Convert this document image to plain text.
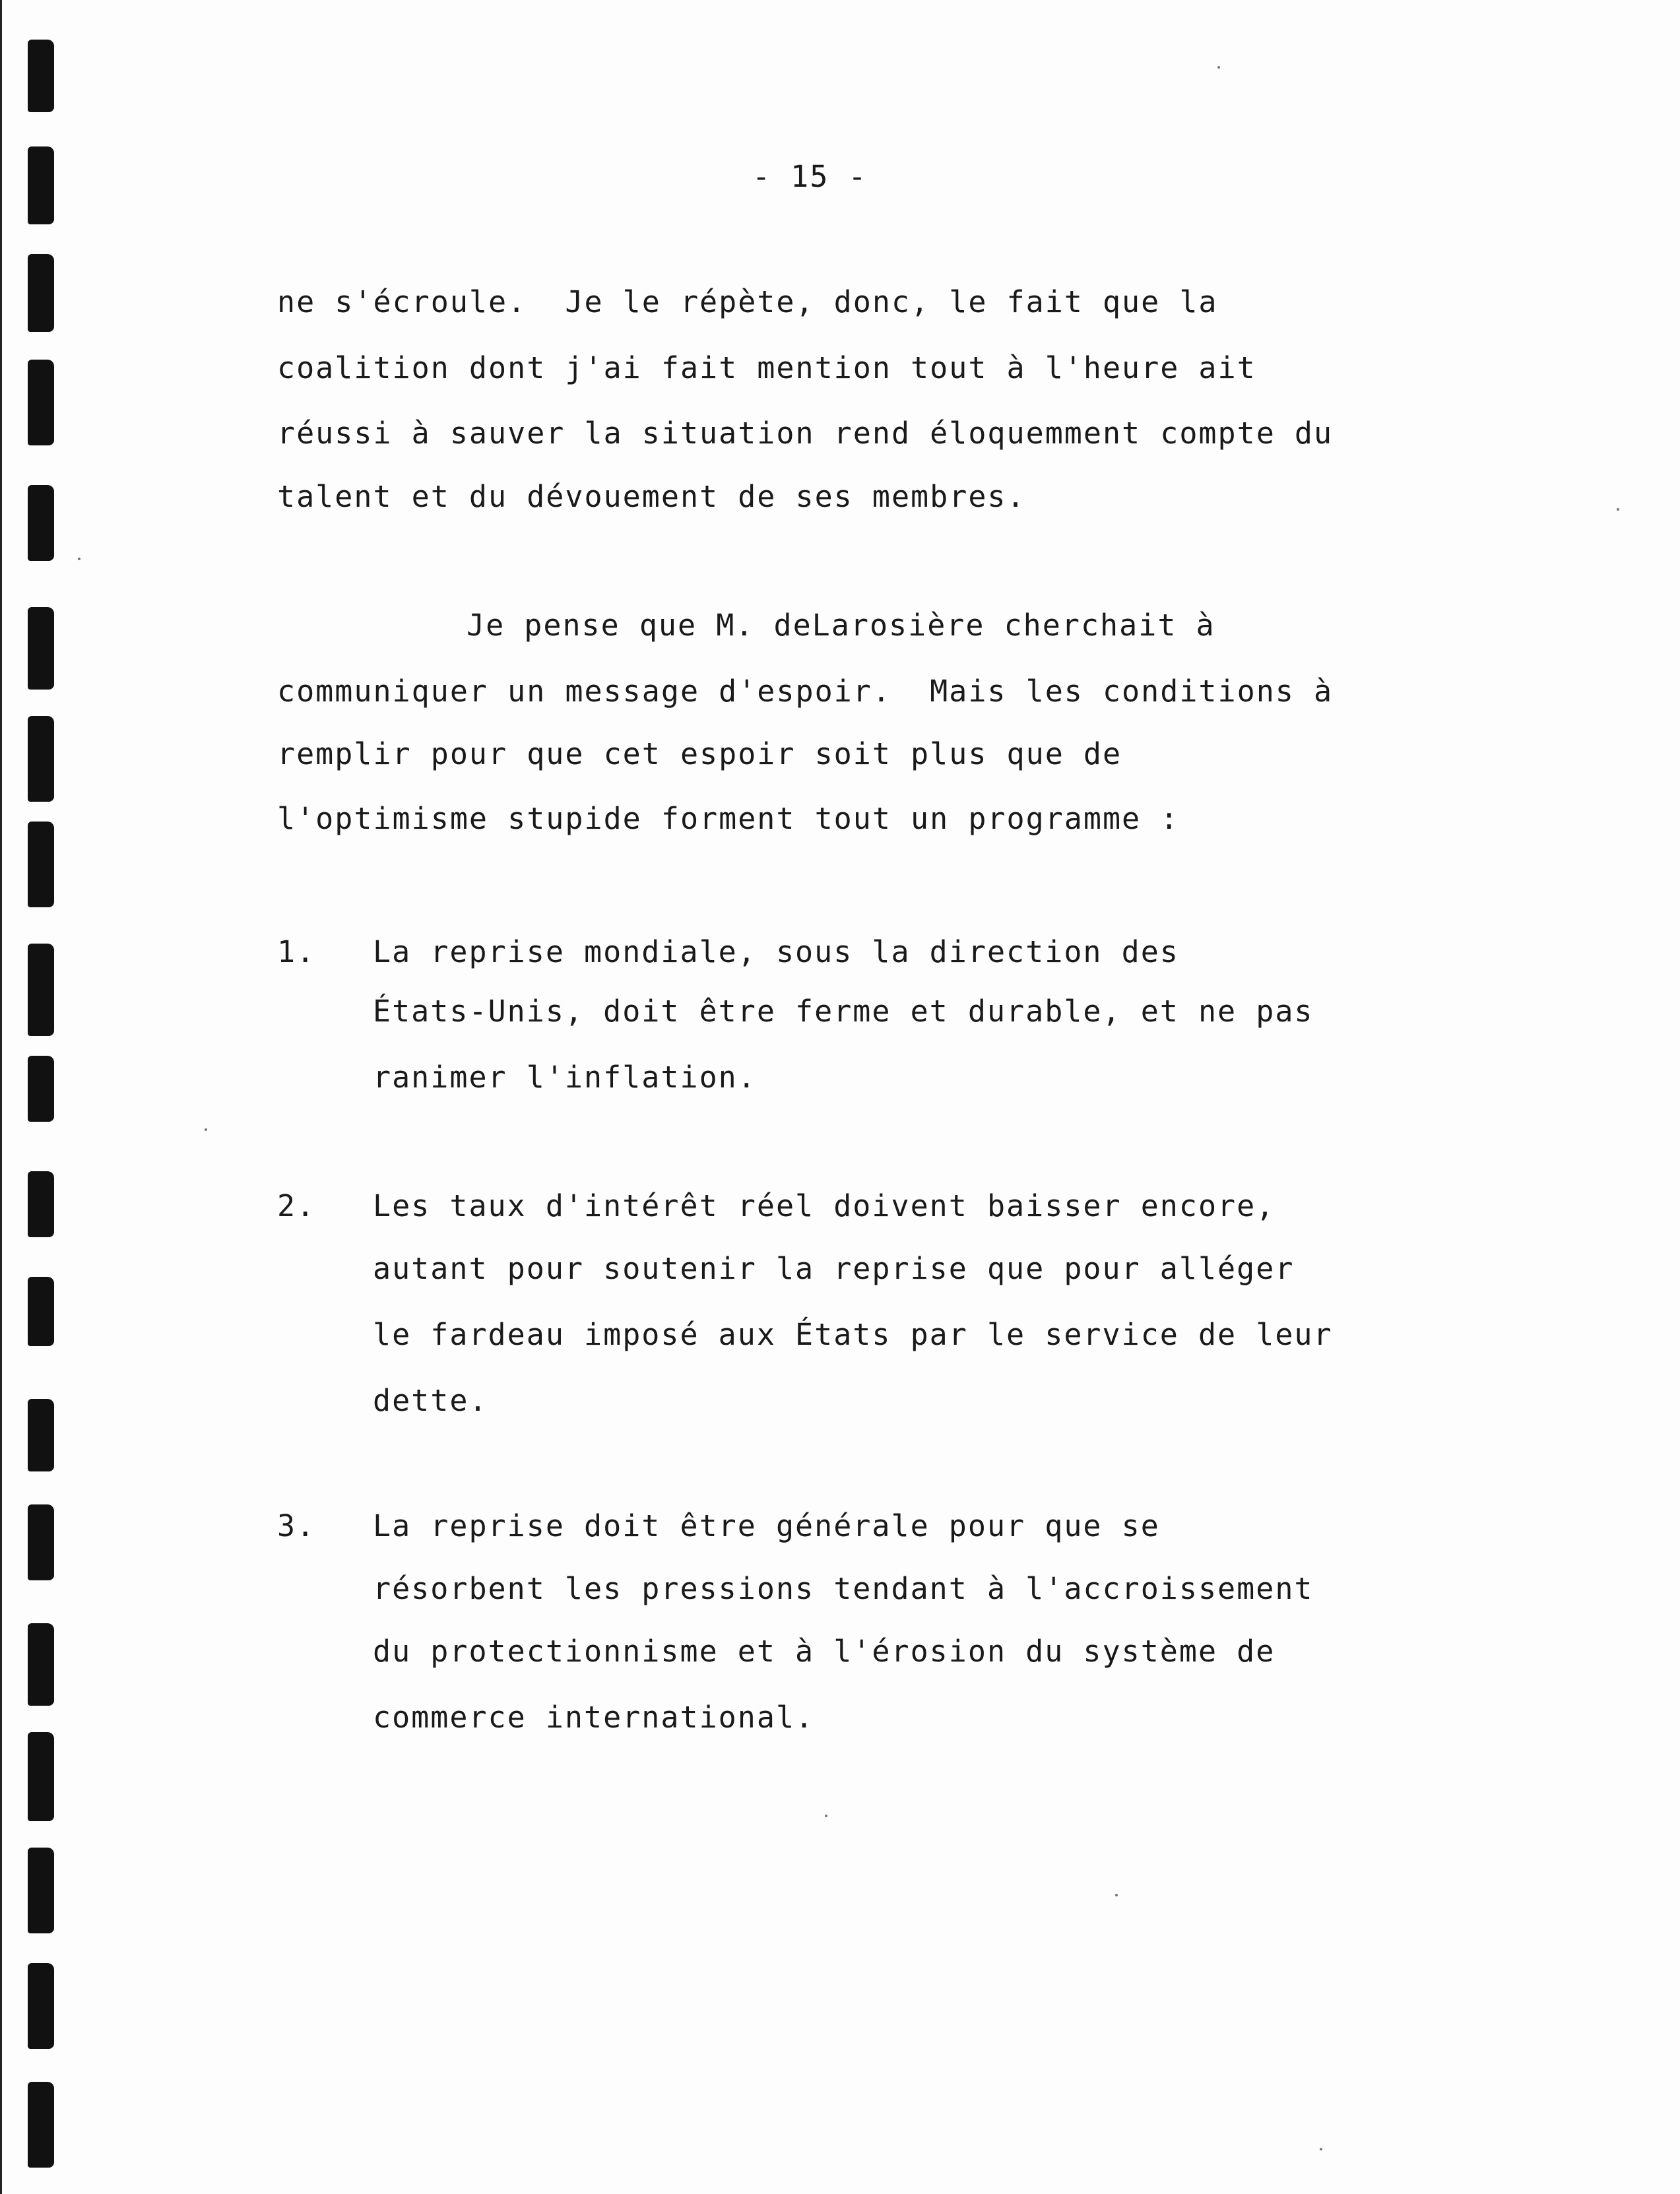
- 15 -
ne s'écroule.  Je le répète, donc, le fait que la
coalition dont j'ai fait mention tout à l'heure ait
réussi à sauver la situation rend éloquemment compte du
talent et du dévouement de ses membres.
Je pense que M. deLarosière cherchait à
communiquer un message d'espoir.  Mais les conditions à
remplir pour que cet espoir soit plus que de
l'optimisme stupide forment tout un programme :
1. La reprise mondiale, sous la direction des
États-Unis, doit être ferme et durable, et ne pas
ranimer l'inflation.
2. Les taux d'intérêt réel doivent baisser encore,
autant pour soutenir la reprise que pour alléger
le fardeau imposé aux États par le service de leur
dette.
3. La reprise doit être générale pour que se
résorbent les pressions tendant à l'accroissement
du protectionnisme et à l'érosion du système de
commerce international.
